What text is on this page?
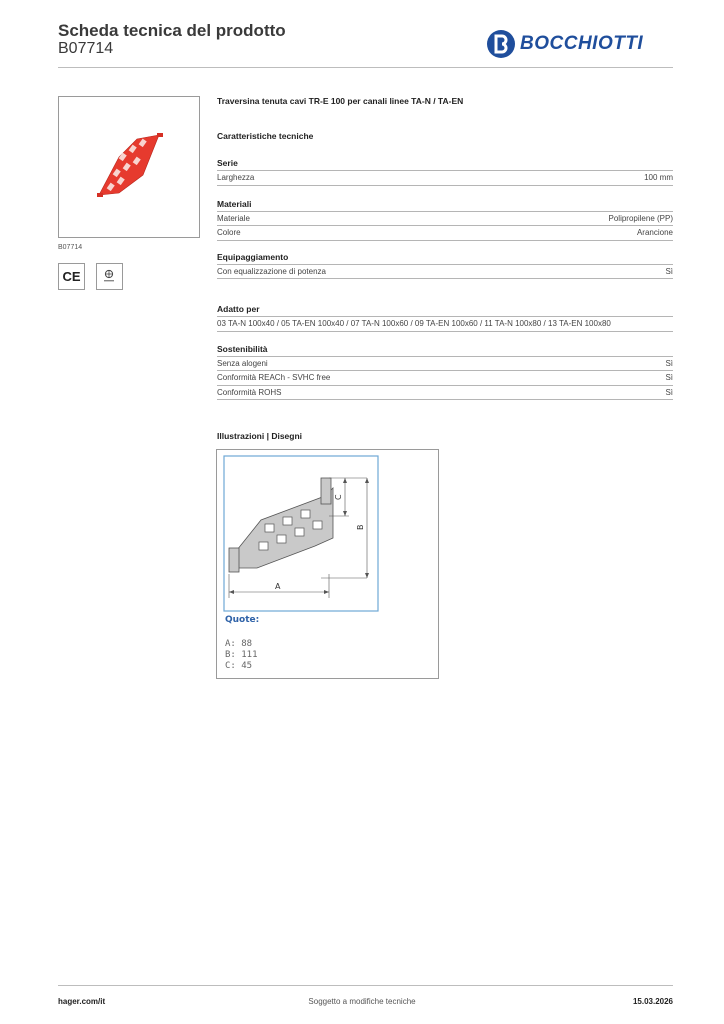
Scheda tecnica del prodotto
B07714	BOCCHIOTTI
B07714
CE
Traversina tenuta cavi TR-E 100 per canali linee TA-N / TA-EN
Caratteristiche tecniche
Serie
Larghezza	100 mm
Materiali
Materiale	Polipropilene (PP)
Colore	Arancione
Equipaggiamento
Con equalizzazione di potenza	Sì
Adatto per
03 TA-N 100x40 / 05 TA-EN 100x40 / 07 TA-N 100x60 / 09 TA-EN 100x60 / 11 TA-N 100x80 / 13 TA-EN 100x80
Sostenibilità
Senza alogeni	Sì
Conformità REACh - SVHC free	Sì
Conformità ROHS	Sì
Illustrazioni | Disegni
C
B
A
Quote:
A: 88
B: 111
C: 45
hager.com/it	Soggetto a modifiche tecniche	15.03.2026
